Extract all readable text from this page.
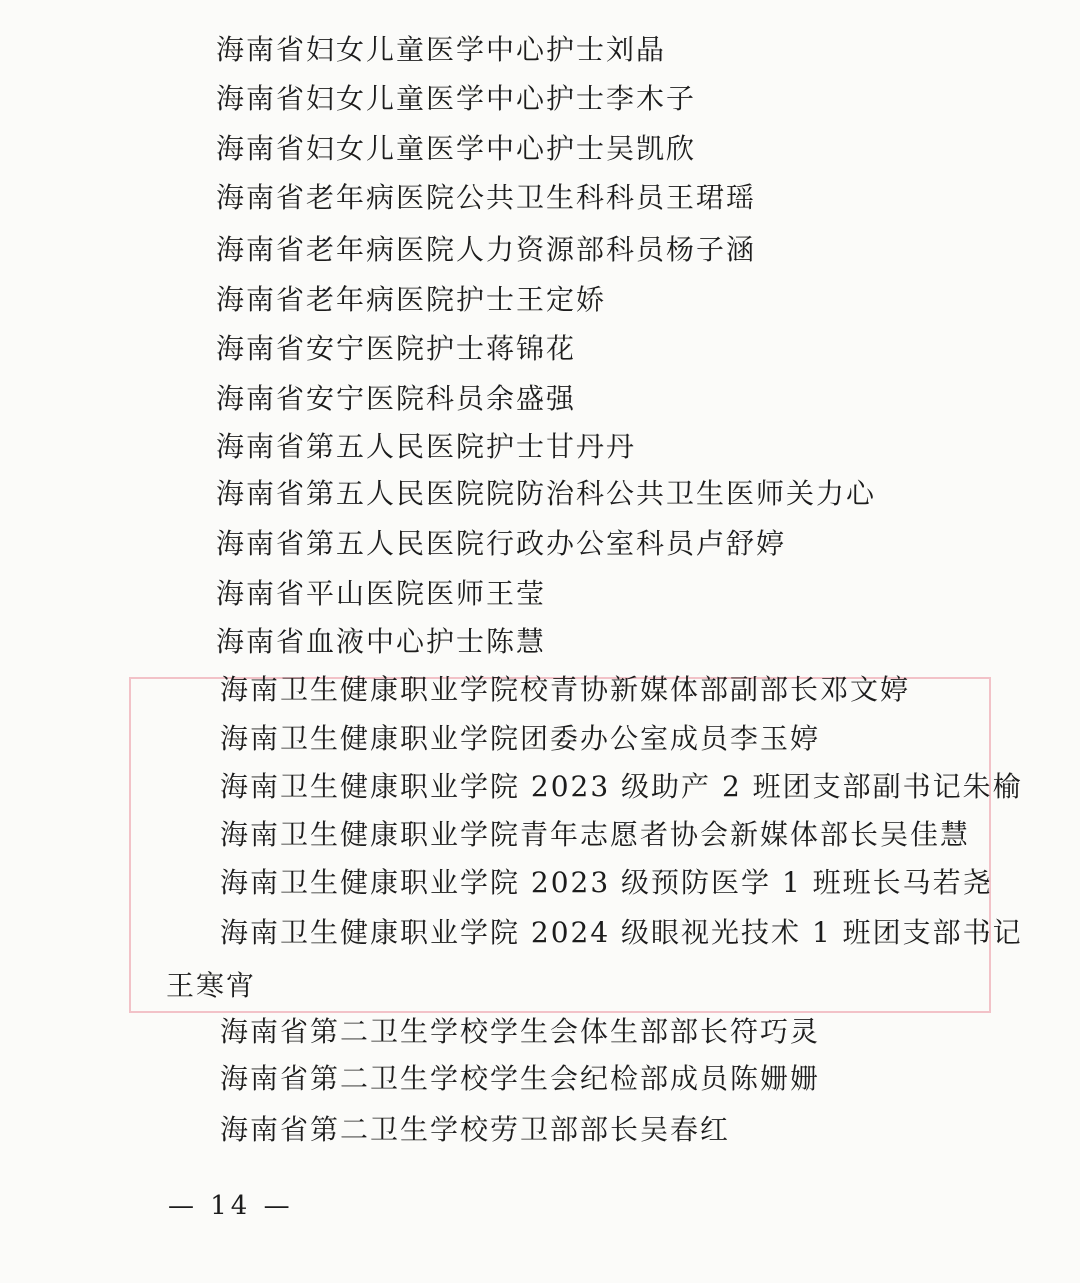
海南省妇女儿童医学中心护士刘晶
海南省妇女儿童医学中心护士李木子
海南省妇女儿童医学中心护士吴凯欣
海南省老年病医院公共卫生科科员王珺瑶
海南省老年病医院人力资源部科员杨子涵
海南省老年病医院护士王定娇
海南省安宁医院护士蒋锦花
海南省安宁医院科员余盛强
海南省第五人民医院护士甘丹丹
海南省第五人民医院院防治科公共卫生医师关力心
海南省第五人民医院行政办公室科员卢舒婷
海南省平山医院医师王莹
海南省血液中心护士陈慧
海南卫生健康职业学院校青协新媒体部副部长邓文婷
海南卫生健康职业学院团委办公室成员李玉婷
海南卫生健康职业学院 2023 级助产 2 班团支部副书记朱榆
海南卫生健康职业学院青年志愿者协会新媒体部长吴佳慧
海南卫生健康职业学院 2023 级预防医学 1 班班长马若尧
海南卫生健康职业学院 2024 级眼视光技术 1 班团支部书记
王寒宵
海南省第二卫生学校学生会体生部部长符巧灵
海南省第二卫生学校学生会纪检部成员陈姗姗
海南省第二卫生学校劳卫部部长吴春红
— 14 —
